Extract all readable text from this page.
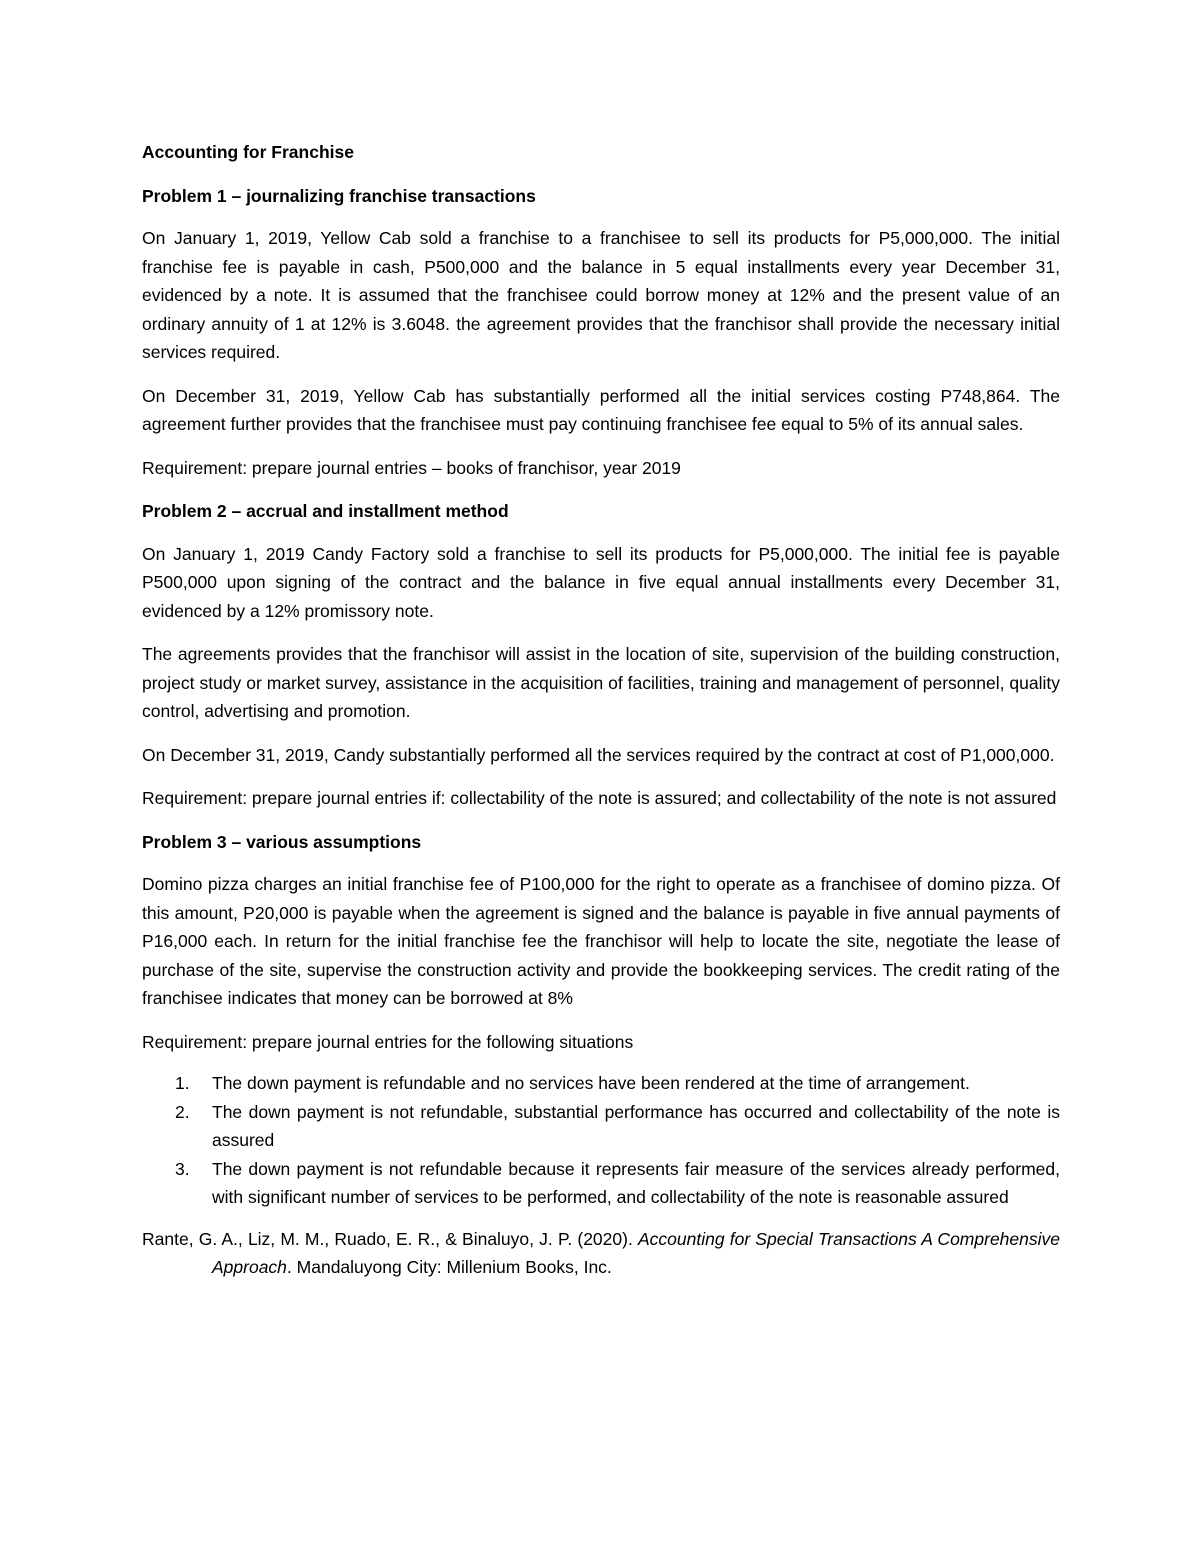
Accounting for Franchise

Problem 1 – journalizing franchise transactions

On January 1, 2019, Yellow Cab sold a franchise to a franchisee to sell its products for P5,000,000. The initial franchise fee is payable in cash, P500,000 and the balance in 5 equal installments every year December 31, evidenced by a note. It is assumed that the franchisee could borrow money at 12% and the present value of an ordinary annuity of 1 at 12% is 3.6048. the agreement provides that the franchisor shall provide the necessary initial services required.

On December 31, 2019, Yellow Cab has substantially performed all the initial services costing P748,864. The agreement further provides that the franchisee must pay continuing franchisee fee equal to 5% of its annual sales.

Requirement: prepare journal entries – books of franchisor, year 2019

Problem 2 – accrual and installment method

On January 1, 2019 Candy Factory sold a franchise to sell its products for P5,000,000. The initial fee is payable P500,000 upon signing of the contract and the balance in five equal annual installments every December 31, evidenced by a 12% promissory note.

The agreements provides that the franchisor will assist in the location of site, supervision of the building construction, project study or market survey, assistance in the acquisition of facilities, training and management of personnel, quality control, advertising and promotion.

On December 31, 2019, Candy substantially performed all the services required by the contract at cost of P1,000,000.

Requirement: prepare journal entries if: collectability of the note is assured; and collectability of the note is not assured

Problem 3 – various assumptions

Domino pizza charges an initial franchise fee of P100,000 for the right to operate as a franchisee of domino pizza. Of this amount, P20,000 is payable when the agreement is signed and the balance is payable in five annual payments of P16,000 each. In return for the initial franchise fee the franchisor will help to locate the site, negotiate the lease of purchase of the site, supervise the construction activity and provide the bookkeeping services. The credit rating of the franchisee indicates that money can be borrowed at 8%

Requirement: prepare journal entries for the following situations

1. The down payment is refundable and no services have been rendered at the time of arrangement.
2. The down payment is not refundable, substantial performance has occurred and collectability of the note is assured
3. The down payment is not refundable because it represents fair measure of the services already performed, with significant number of services to be performed, and collectability of the note is reasonable assured

Rante, G. A., Liz, M. M., Ruado, E. R., & Binaluyo, J. P. (2020). Accounting for Special Transactions A Comprehensive Approach. Mandaluyong City: Millenium Books, Inc.
